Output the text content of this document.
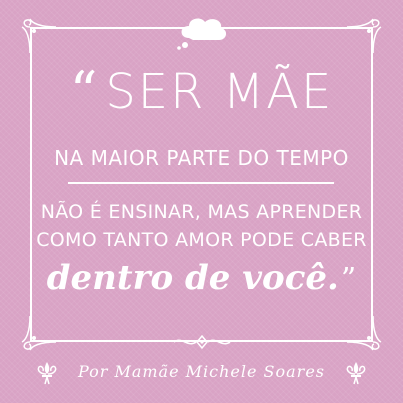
“ SER MÃE
NA MAIOR PARTE DO TEMPO
NÃO É ENSINAR, MAS APRENDER
COMO TANTO AMOR PODE CABER
dentro de você.”
Por Mamãe Michele Soares
